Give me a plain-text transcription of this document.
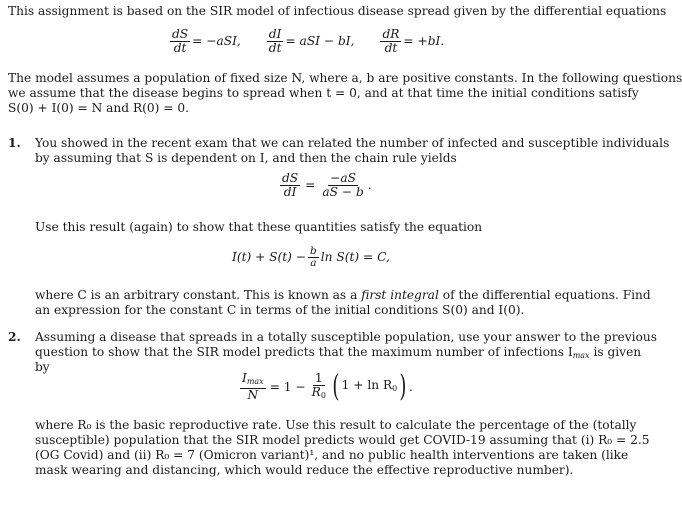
This assignment is based on the SIR model of infectious disease spread given by the differential equations
$\frac{dS}{dt} = -aSI$, $\frac{dI}{dt}$ = aSI − bI, $\frac{dR}{dt} = +bI$.
The model assumes a population of fixed size N, where a, b are positive constants. In the following questions
we assume that the disease begins to spread when t = 0, and at that time the initial conditions satisfy
S(0) + I(0) = N and R(0) = 0.
1. You showed in the recent exam that we can related the number of infected and susceptible individuals
by assuming that S is dependent on I, and then the chain rule yields
$\frac{dS}{dI} = \frac{-aS}{aS - b}$ .
Use this result (again) to show that these quantities satisfy the equation
$I(t) + S(t) - \frac{b}{a}$ ln S(t) = C,
where C is an arbitrary constant. This is known as a first integral of the differential equations. Find
an expression for the constant C in terms of the initial conditions S(0) and I(0).
2. Assuming a disease that spreads in a totally susceptible population, use your answer to the previous
question to show that the SIR model predicts that the maximum number of infections $I_{max}$ is given
by
$\frac{I_{max}}{N} = 1 - \frac{1}{R_0}$ ( $1 + \ln R_0$ ) .
where R₀ is the basic reproductive rate. Use this result to calculate the percentage of the (totally
susceptible) population that the SIR model predicts would get COVID-19 assuming that (i) R₀ = 2.5
(OG Covid) and (ii) R₀ = 7 (Omicron variant)¹, and no public health interventions are taken (like
mask wearing and distancing, which would reduce the effective reproductive number).
